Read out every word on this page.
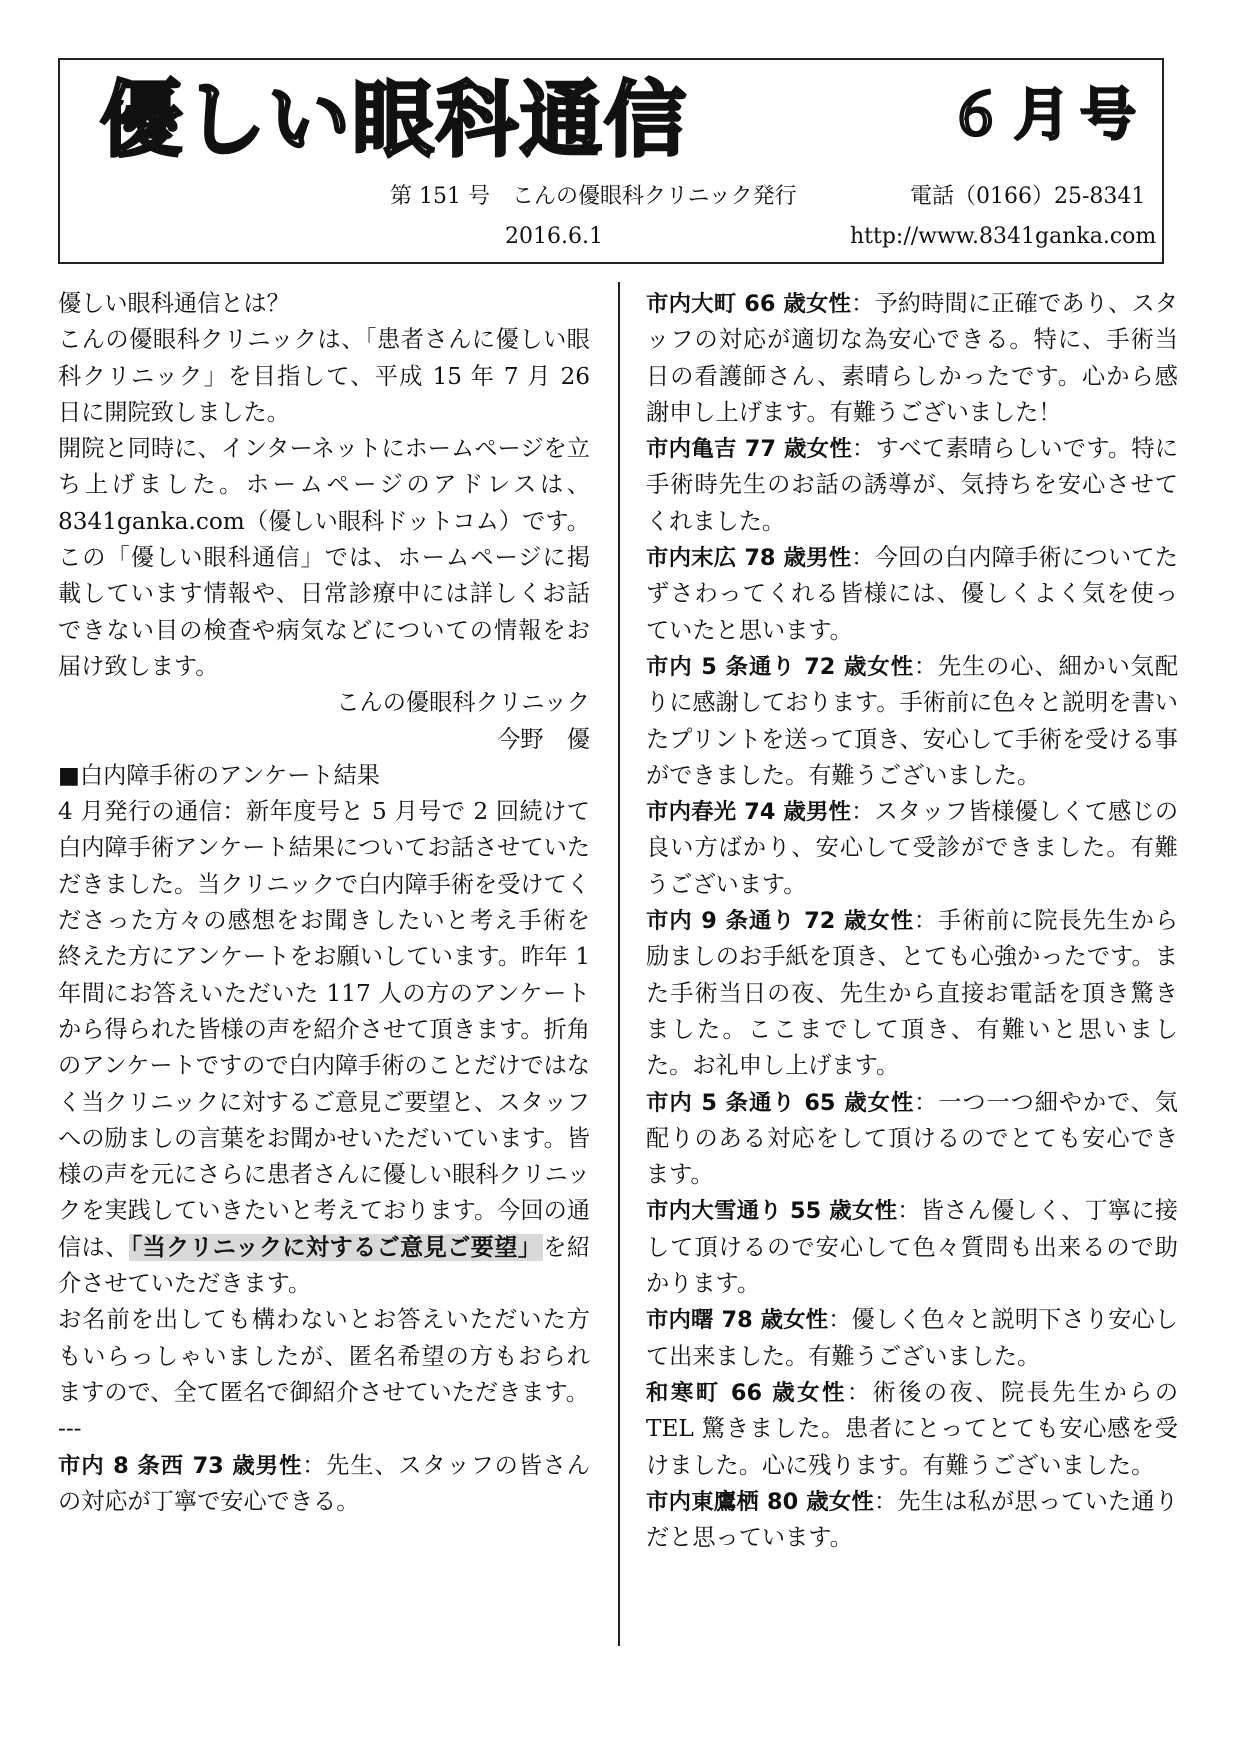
優しい眼科通信	６月号
第 151 号　こんの優眼科クリニック発行	電話（0166）25-8341
2016.6.1	http://www.8341ganka.com

優しい眼科通信とは？

こんの優眼科クリニックは、「患者さんに優しい眼科クリニック」を目指して、平成 15 年 7 月 26 日に開院致しました。

開院と同時に、インターネットにホームページを立ち上げました。ホームページのアドレスは、8341ganka.com（優しい眼科ドットコム）です。この「優しい眼科通信」では、ホームページに掲載しています情報や、日常診療中には詳しくお話できない目の検査や病気などについての情報をお届け致します。

こんの優眼科クリニック

今野　優

■白内障手術のアンケート結果

4 月発行の通信：新年度号と 5 月号で 2 回続けて白内障手術アンケート結果についてお話させていただきました。当クリニックで白内障手術を受けてくださった方々の感想をお聞きしたいと考え手術を終えた方にアンケートをお願いしています。昨年 1 年間にお答えいただいた 117 人の方のアンケートから得られた皆様の声を紹介させて頂きます。折角のアンケートですので白内障手術のことだけではなく当クリニックに対するご意見ご要望と、スタッフへの励ましの言葉をお聞かせいただいています。皆様の声を元にさらに患者さんに優しい眼科クリニックを実践していきたいと考えております。今回の通信は、「当クリニックに対するご意見ご要望」を紹介させていただきます。

お名前を出しても構わないとお答えいただいた方もいらっしゃいましたが、匿名希望の方もおられますので、全て匿名で御紹介させていただきます。

---

市内 8 条西 73 歳男性：先生、スタッフの皆さんの対応が丁寧で安心できる。

市内大町 66 歳女性：予約時間に正確であり、スタッフの対応が適切な為安心できる。特に、手術当日の看護師さん、素晴らしかったです。心から感謝申し上げます。有難うございました！

市内亀吉 77 歳女性：すべて素晴らしいです。特に手術時先生のお話の誘導が、気持ちを安心させてくれました。

市内末広 78 歳男性：今回の白内障手術についてたずさわってくれる皆様には、優しくよく気を使っていたと思います。

市内 5 条通り 72 歳女性：先生の心、細かい気配りに感謝しております。手術前に色々と説明を書いたプリントを送って頂き、安心して手術を受ける事ができました。有難うございました。

市内春光 74 歳男性：スタッフ皆様優しくて感じの良い方ばかり、安心して受診ができました。有難うございます。

市内 9 条通り 72 歳女性：手術前に院長先生から励ましのお手紙を頂き、とても心強かったです。また手術当日の夜、先生から直接お電話を頂き驚きました。ここまでして頂き、有難いと思いました。お礼申し上げます。

市内 5 条通り 65 歳女性：一つ一つ細やかで、気配りのある対応をして頂けるのでとても安心できます。

市内大雪通り 55 歳女性：皆さん優しく、丁寧に接して頂けるので安心して色々質問も出来るので助かります。

市内曙 78 歳女性：優しく色々と説明下さり安心して出来ました。有難うございました。

和寒町 66 歳女性：術後の夜、院長先生からの TEL 驚きました。患者にとってとても安心感を受けました。心に残ります。有難うございました。

市内東鷹栖 80 歳女性：先生は私が思っていた通りだと思っています。
